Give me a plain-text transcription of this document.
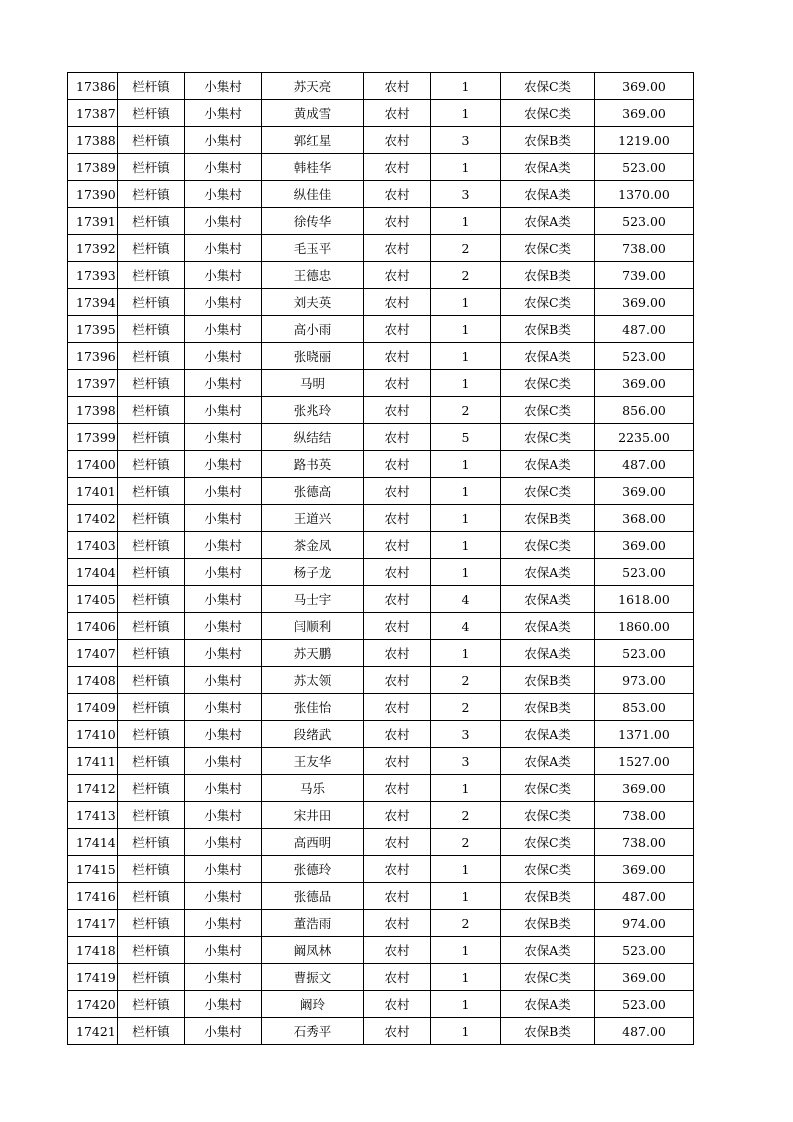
17386	栏杆镇	小集村	苏天亮	农村	1	农保C类	369.00
17387	栏杆镇	小集村	黄成雪	农村	1	农保C类	369.00
17388	栏杆镇	小集村	郭红星	农村	3	农保B类	1219.00
17389	栏杆镇	小集村	韩桂华	农村	1	农保A类	523.00
17390	栏杆镇	小集村	纵佳佳	农村	3	农保A类	1370.00
17391	栏杆镇	小集村	徐传华	农村	1	农保A类	523.00
17392	栏杆镇	小集村	毛玉平	农村	2	农保C类	738.00
17393	栏杆镇	小集村	王德忠	农村	2	农保B类	739.00
17394	栏杆镇	小集村	刘夫英	农村	1	农保C类	369.00
17395	栏杆镇	小集村	高小雨	农村	1	农保B类	487.00
17396	栏杆镇	小集村	张晓丽	农村	1	农保A类	523.00
17397	栏杆镇	小集村	马明	农村	1	农保C类	369.00
17398	栏杆镇	小集村	张兆玲	农村	2	农保C类	856.00
17399	栏杆镇	小集村	纵结结	农村	5	农保C类	2235.00
17400	栏杆镇	小集村	路书英	农村	1	农保A类	487.00
17401	栏杆镇	小集村	张德高	农村	1	农保C类	369.00
17402	栏杆镇	小集村	王道兴	农村	1	农保B类	368.00
17403	栏杆镇	小集村	茶金凤	农村	1	农保C类	369.00
17404	栏杆镇	小集村	杨子龙	农村	1	农保A类	523.00
17405	栏杆镇	小集村	马士宇	农村	4	农保A类	1618.00
17406	栏杆镇	小集村	闫顺利	农村	4	农保A类	1860.00
17407	栏杆镇	小集村	苏天鹏	农村	1	农保A类	523.00
17408	栏杆镇	小集村	苏太领	农村	2	农保B类	973.00
17409	栏杆镇	小集村	张佳怡	农村	2	农保B类	853.00
17410	栏杆镇	小集村	段绪武	农村	3	农保A类	1371.00
17411	栏杆镇	小集村	王友华	农村	3	农保A类	1527.00
17412	栏杆镇	小集村	马乐	农村	1	农保C类	369.00
17413	栏杆镇	小集村	宋井田	农村	2	农保C类	738.00
17414	栏杆镇	小集村	高西明	农村	2	农保C类	738.00
17415	栏杆镇	小集村	张德玲	农村	1	农保C类	369.00
17416	栏杆镇	小集村	张德品	农村	1	农保B类	487.00
17417	栏杆镇	小集村	董浩雨	农村	2	农保B类	974.00
17418	栏杆镇	小集村	阚凤林	农村	1	农保A类	523.00
17419	栏杆镇	小集村	曹振文	农村	1	农保C类	369.00
17420	栏杆镇	小集村	阚玲	农村	1	农保A类	523.00
17421	栏杆镇	小集村	石秀平	农村	1	农保B类	487.00
